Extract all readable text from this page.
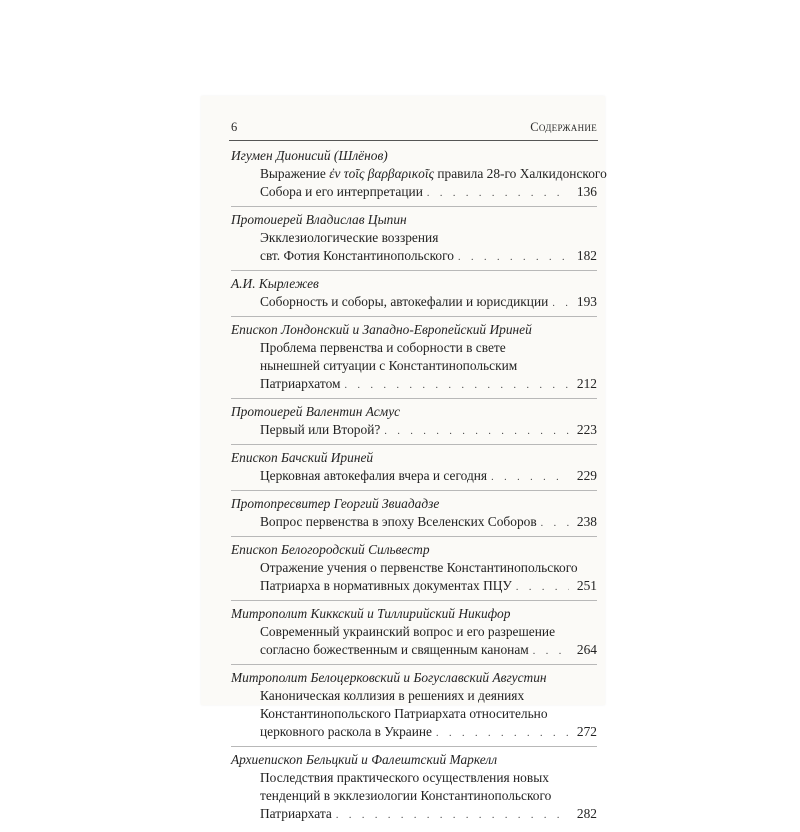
6	Содержание
Игумен Дионисий (Шлёнов)
Выражение ἐν τοῖς βαρβαρικοῖς правила 28-го Халкидонского
Собора и его интерпретации . . .	136
Протоиерей Владислав Цыпин
Экклезиологические воззрения
свт. Фотия Константинопольского . . .	182
А.И. Кырлежев
Соборность и соборы, автокефалии и юрисдикции . . . 193
Епископ Лондонский и Западно-Европейский Ириней
Проблема первенства и соборности в свете
нынешней ситуации с Константинопольским
Патриархатом . . .	212
Протоиерей Валентин Асмус
Первый или Второй? . . .	223
Епископ Бачский Ириней
Церковная автокефалия вчера и сегодня . . .	229
Протопресвитер Георгий Звиададзе
Вопрос первенства в эпоху Вселенских Соборов . . .	238
Епископ Белогородский Сильвестр
Отражение учения о первенстве Константинопольского
Патриарха в нормативных документах ПЦУ . . .	251
Митрополит Киккский и Тиллирийский Никифор
Современный украинский вопрос и его разрешение
согласно божественным и священным канонам . . .	264
Митрополит Белоцерковский и Богуславский Августин
Каноническая коллизия в решениях и деяниях
Константинопольского Патриархата относительно
церковного раскола в Украине . . .	272
Архиепископ Бельцкий и Фалештский Маркелл
Последствия практического осуществления новых
тенденций в экклезиологии Константинопольского
Патриархата . . .	282
